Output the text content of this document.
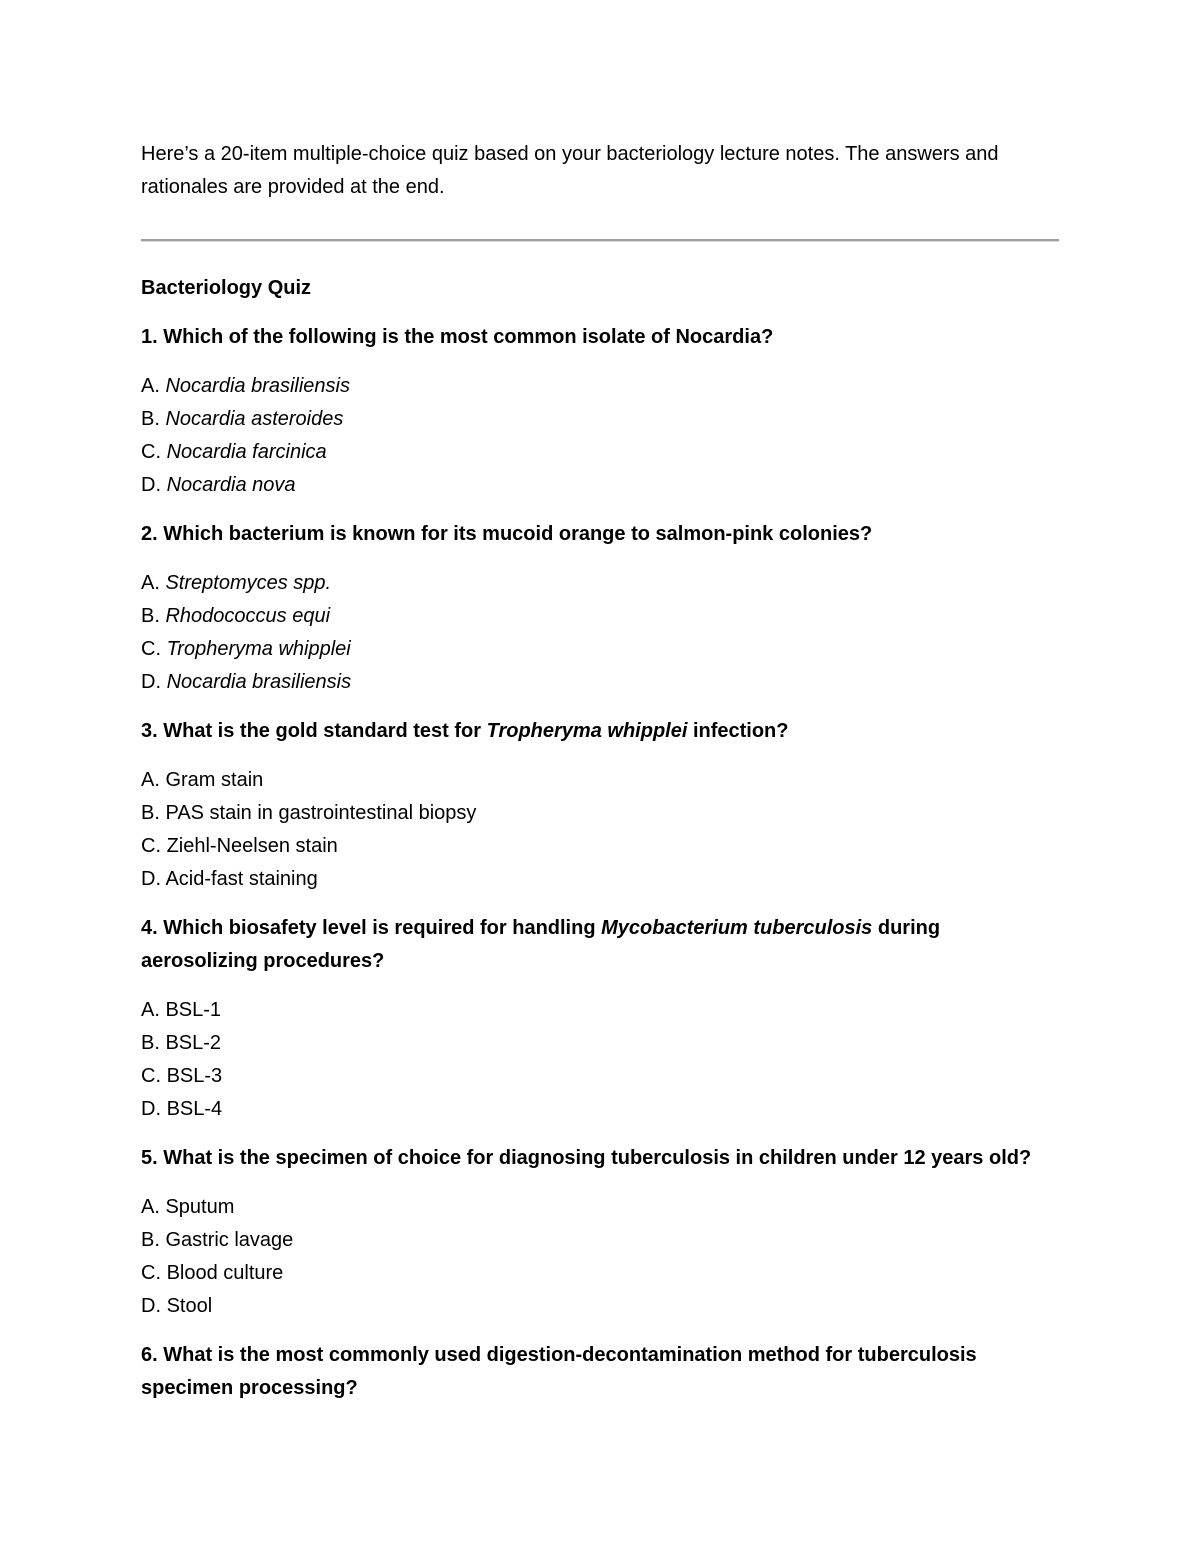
Here’s a 20-item multiple-choice quiz based on your bacteriology lecture notes. The answers and rationales are provided at the end.

Bacteriology Quiz

1. Which of the following is the most common isolate of Nocardia?

A. Nocardia brasiliensis
B. Nocardia asteroides
C. Nocardia farcinica
D. Nocardia nova

2. Which bacterium is known for its mucoid orange to salmon-pink colonies?

A. Streptomyces spp.
B. Rhodococcus equi
C. Tropheryma whipplei
D. Nocardia brasiliensis

3. What is the gold standard test for Tropheryma whipplei infection?

A. Gram stain
B. PAS stain in gastrointestinal biopsy
C. Ziehl-Neelsen stain
D. Acid-fast staining

4. Which biosafety level is required for handling Mycobacterium tuberculosis during aerosolizing procedures?

A. BSL-1
B. BSL-2
C. BSL-3
D. BSL-4

5. What is the specimen of choice for diagnosing tuberculosis in children under 12 years old?

A. Sputum
B. Gastric lavage
C. Blood culture
D. Stool

6. What is the most commonly used digestion-decontamination method for tuberculosis specimen processing?
